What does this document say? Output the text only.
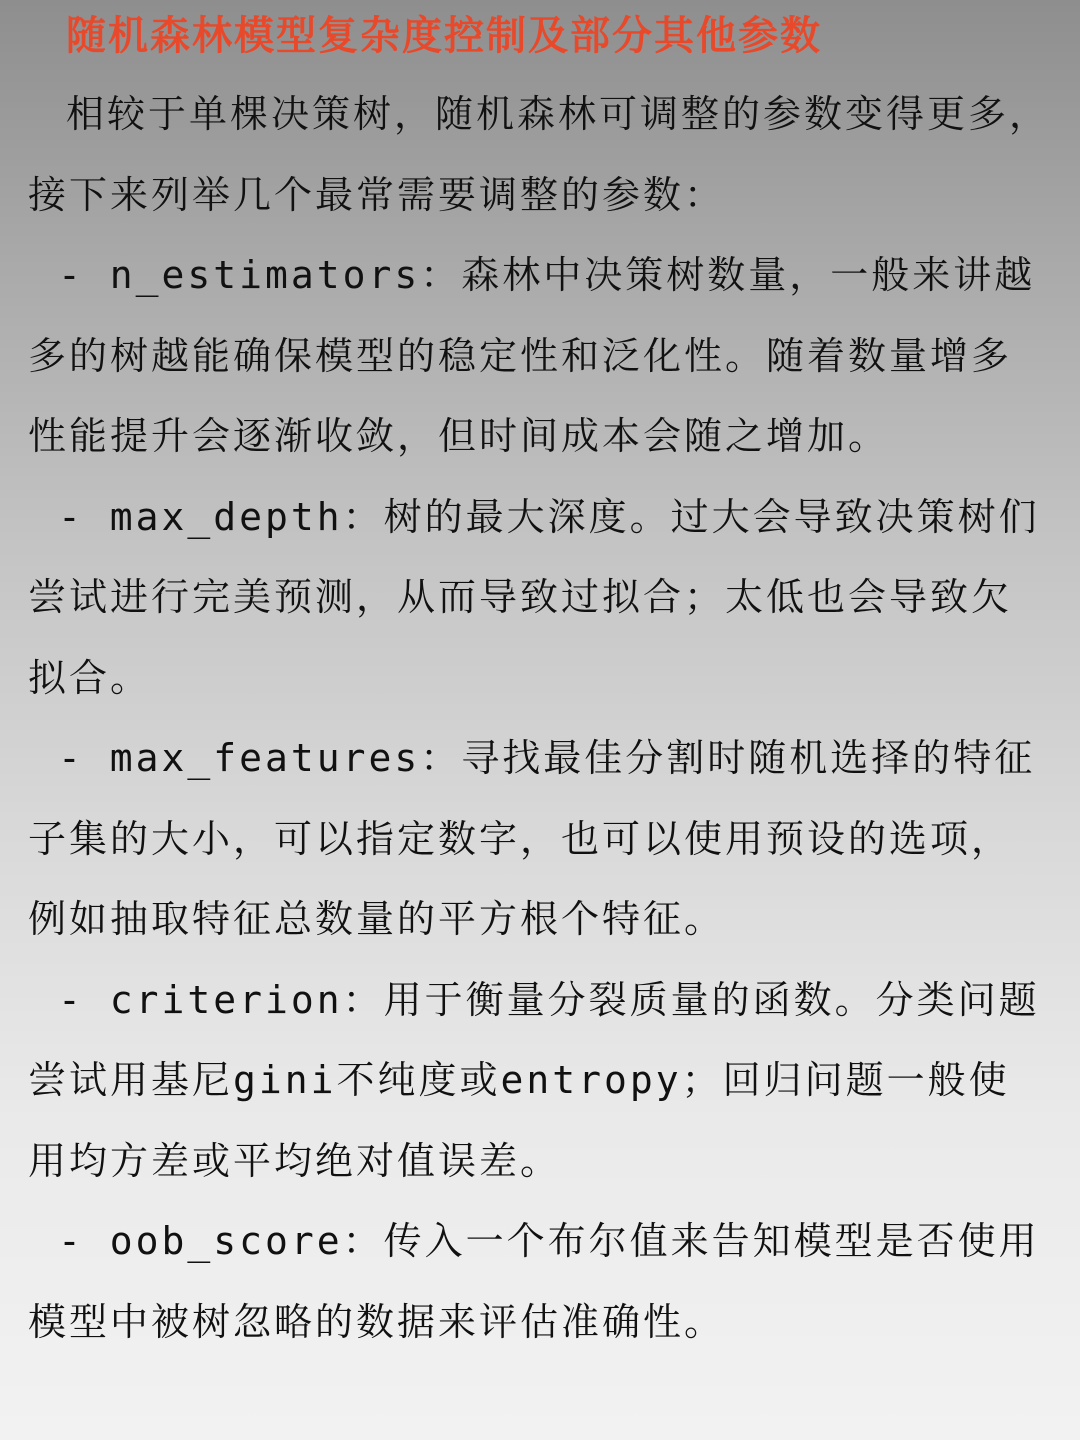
随机森林模型复杂度控制及部分其他参数

相较于单棵决策树，随机森林可调整的参数变得更多，接下来列举几个最常需要调整的参数：

- n_estimators：森林中决策树数量，一般来讲越多的树越能确保模型的稳定性和泛化性。随着数量增多性能提升会逐渐收敛，但时间成本会随之增加。

- max_depth：树的最大深度。过大会导致决策树们尝试进行完美预测，从而导致过拟合；太低也会导致欠拟合。

- max_features：寻找最佳分割时随机选择的特征子集的大小，可以指定数字，也可以使用预设的选项，例如抽取特征总数量的平方根个特征。

- criterion：用于衡量分裂质量的函数。分类问题尝试用基尼gini不纯度或entropy；回归问题一般使用均方差或平均绝对值误差。

- oob_score：传入一个布尔值来告知模型是否使用模型中被树忽略的数据来评估准确性。
